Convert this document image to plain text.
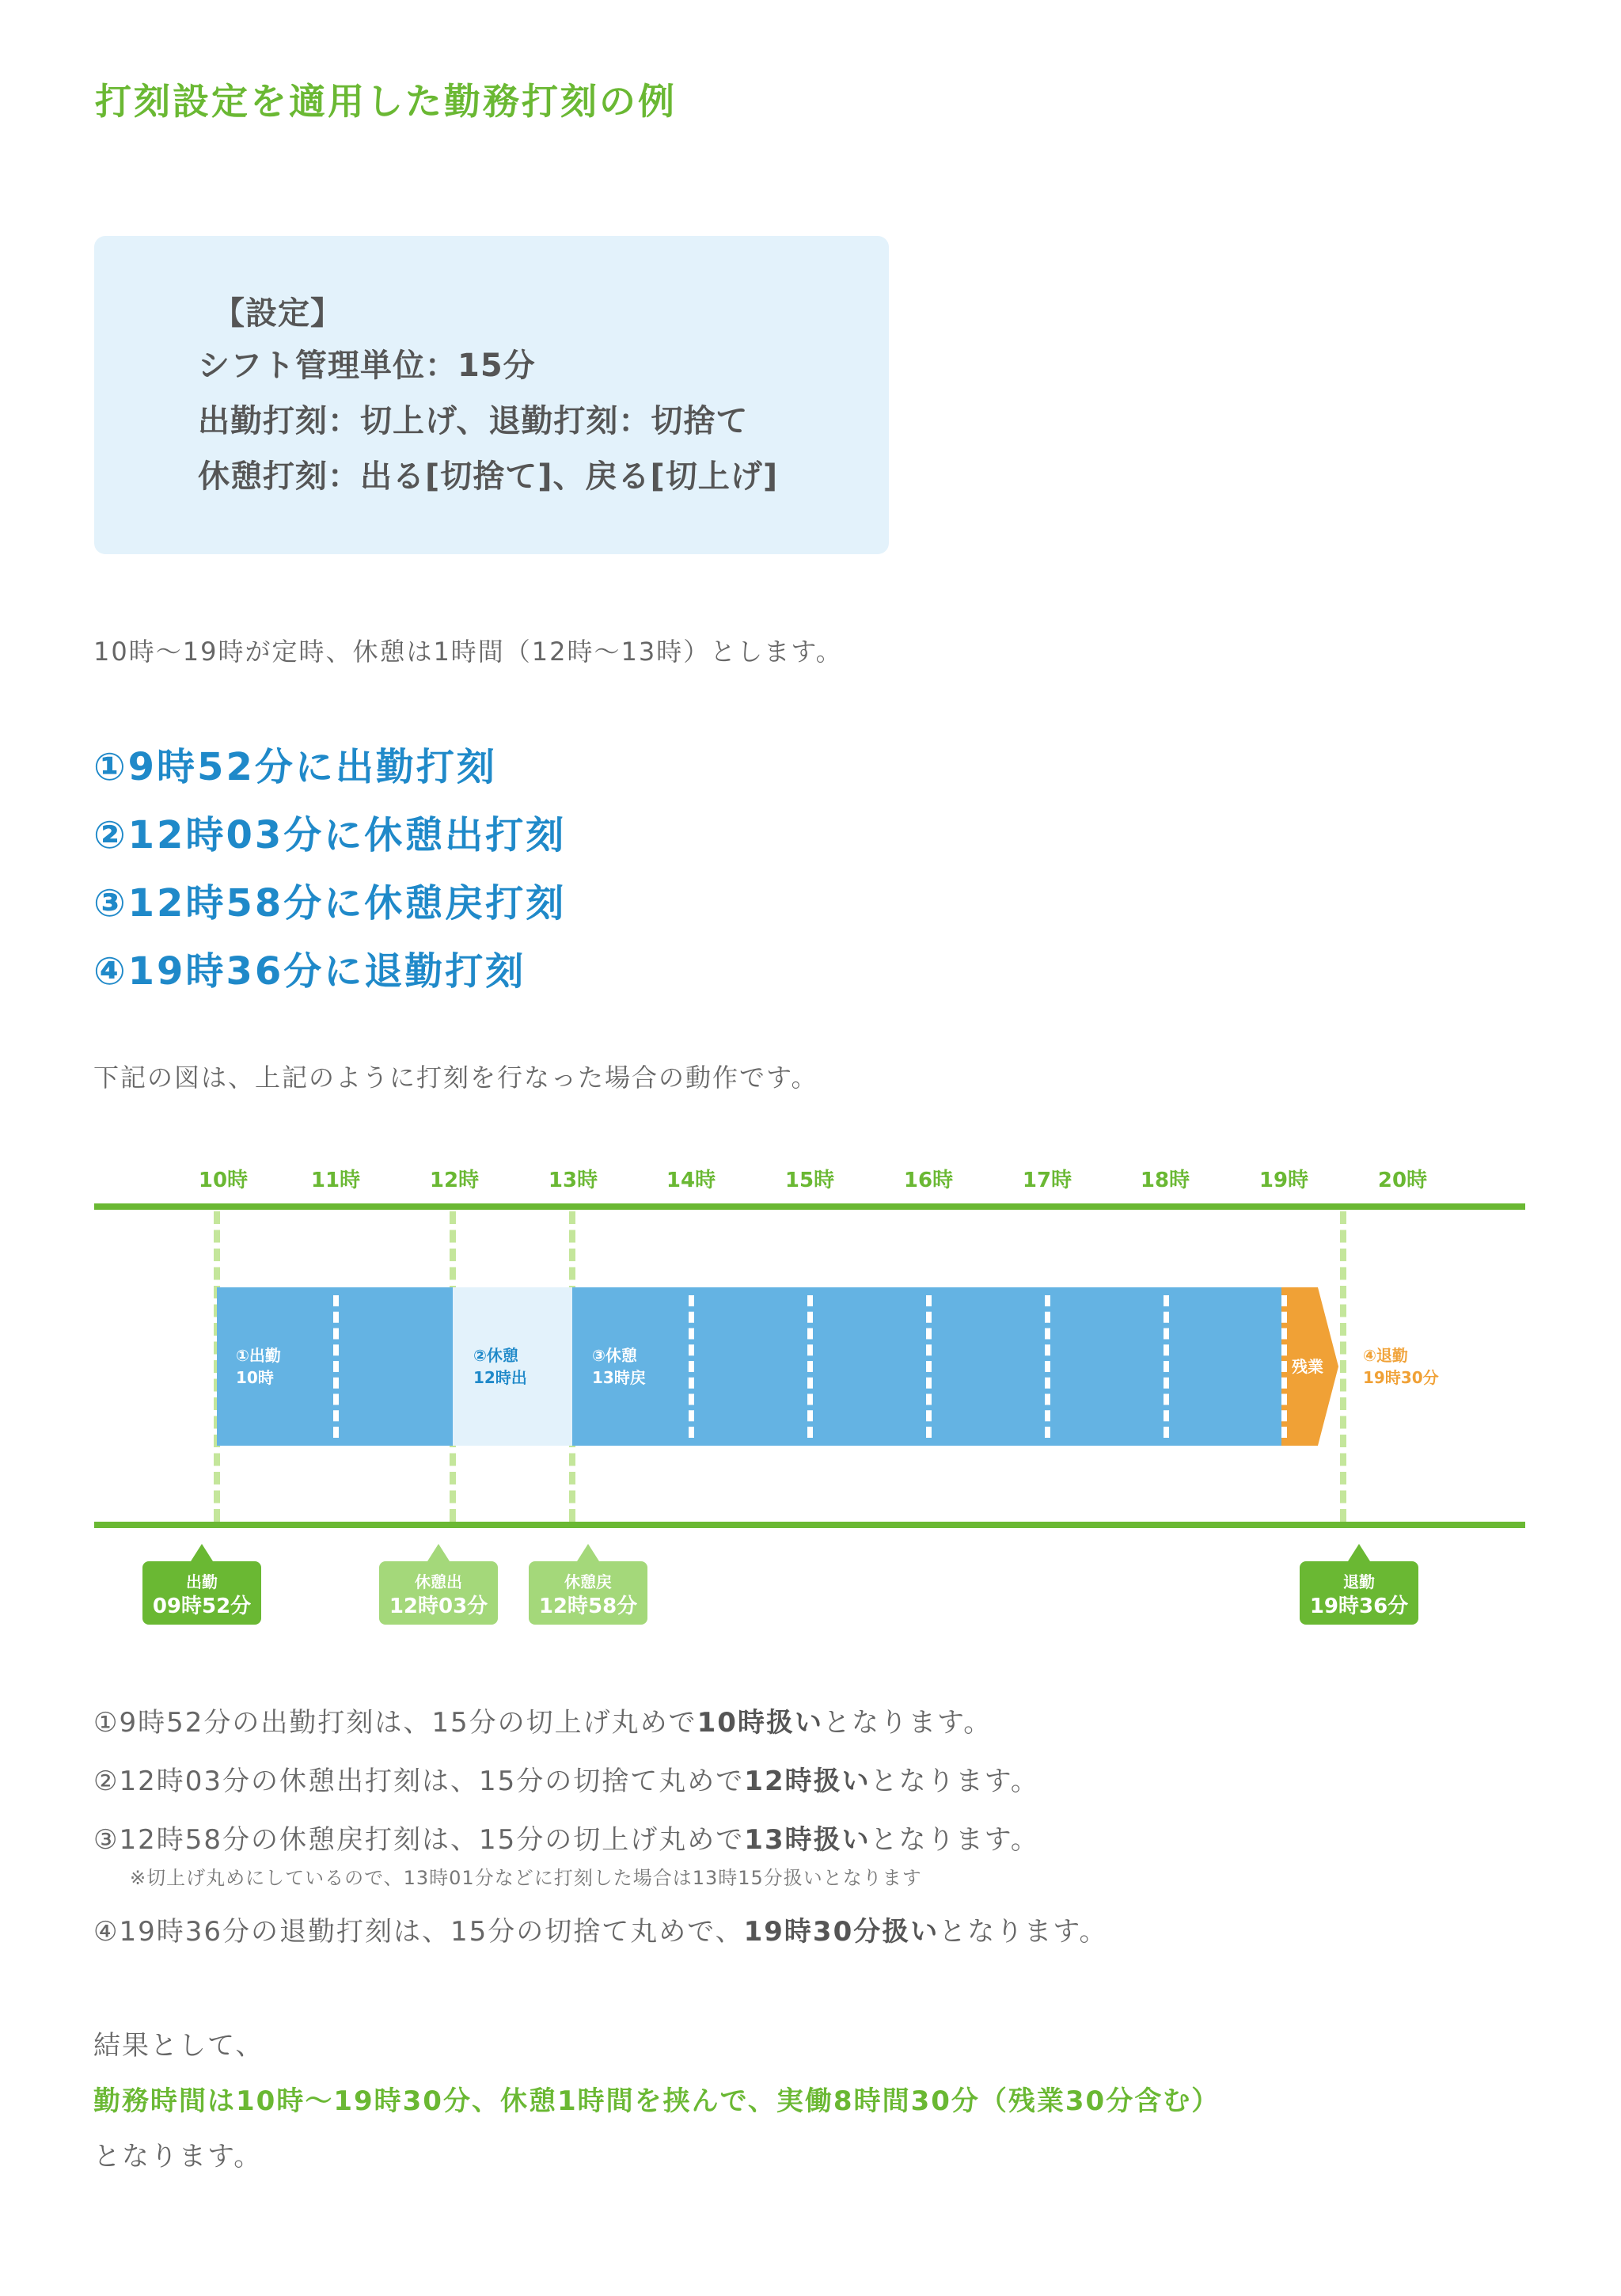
打刻設定を適用した勤務打刻の例
【設定】
シフト管理単位：15分
出勤打刻：切上げ、退勤打刻：切捨て
休憩打刻：出る[切捨て]、戻る[切上げ]
10時〜19時が定時、休憩は1時間（12時〜13時）とします。
①9時52分に出勤打刻
②12時03分に休憩出打刻
③12時58分に休憩戻打刻
④19時36分に退勤打刻
下記の図は、上記のように打刻を行なった場合の動作です。
10時	11時	12時	13時	14時	15時	16時	17時	18時	19時	20時
①出勤
10時
②休憩
12時出
③休憩
13時戻
残業
④退勤
19時30分
出勤
09時52分
休憩出
12時03分
休憩戻
12時58分
退勤
19時36分
①9時52分の出勤打刻は、15分の切上げ丸めで10時扱いとなります。
②12時03分の休憩出打刻は、15分の切捨て丸めで12時扱いとなります。
③12時58分の休憩戻打刻は、15分の切上げ丸めで13時扱いとなります。
※切上げ丸めにしているので、13時01分などに打刻した場合は13時15分扱いとなります
④19時36分の退勤打刻は、15分の切捨て丸めで、19時30分扱いとなります。
結果として、
勤務時間は10時〜19時30分、休憩1時間を挟んで、実働8時間30分（残業30分含む）
となります。
